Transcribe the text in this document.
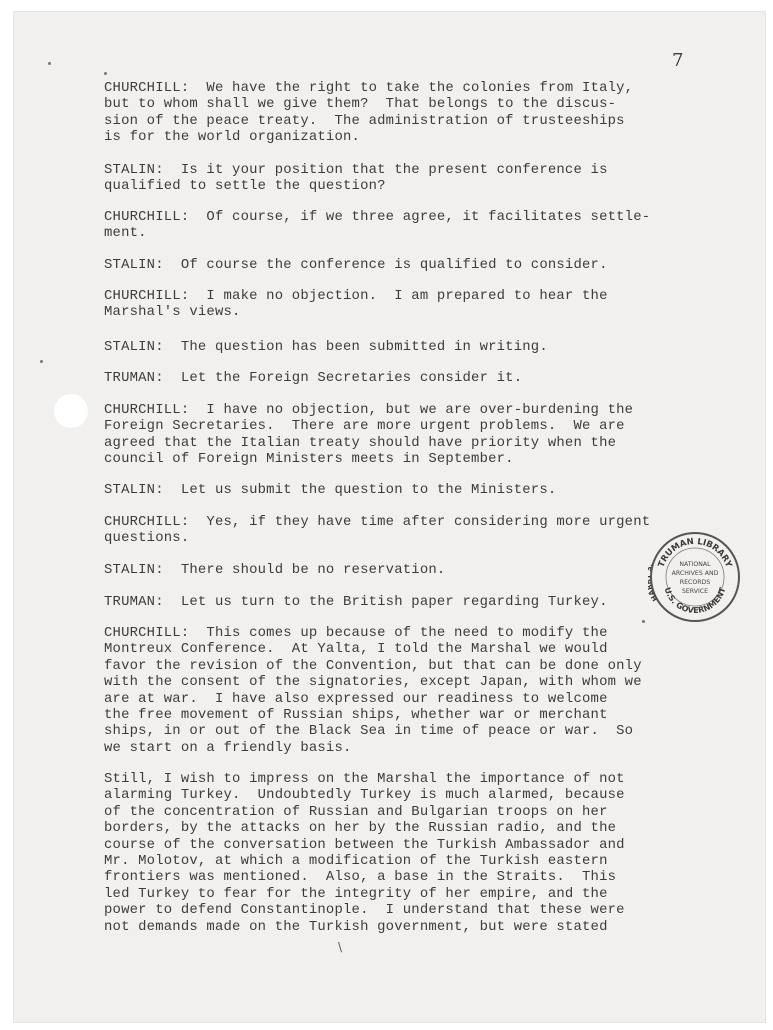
7

CHURCHILL:  We have the right to take the colonies from Italy,
but to whom shall we give them?  That belongs to the discus-
sion of the peace treaty.  The administration of trusteeships
is for the world organization.

STALIN:  Is it your position that the present conference is
qualified to settle the question?

CHURCHILL:  Of course, if we three agree, it facilitates settle-
ment.

STALIN:  Of course the conference is qualified to consider.

CHURCHILL:  I make no objection.  I am prepared to hear the
Marshal's views.

STALIN:  The question has been submitted in writing.

TRUMAN:  Let the Foreign Secretaries consider it.

CHURCHILL:  I have no objection, but we are over-burdening the
Foreign Secretaries.  There are more urgent problems.  We are
agreed that the Italian treaty should have priority when the
council of Foreign Ministers meets in September.

STALIN:  Let us submit the question to the Ministers.

CHURCHILL:  Yes, if they have time after considering more urgent
questions.

STALIN:  There should be no reservation.

TRUMAN:  Let us turn to the British paper regarding Turkey.

CHURCHILL:  This comes up because of the need to modify the
Montreux Conference.  At Yalta, I told the Marshal we would
favor the revision of the Convention, but that can be done only
with the consent of the signatories, except Japan, with whom we
are at war.  I have also expressed our readiness to welcome
the free movement of Russian ships, whether war or merchant
ships, in or out of the Black Sea in time of peace or war.  So
we start on a friendly basis.

Still, I wish to impress on the Marshal the importance of not
alarming Turkey.  Undoubtedly Turkey is much alarmed, because
of the concentration of Russian and Bulgarian troops on her
borders, by the attacks on her by the Russian radio, and the
course of the conversation between the Turkish Ambassador and
Mr. Molotov, at which a modification of the Turkish eastern
frontiers was mentioned.  Also, a base in the Straits.  This
led Turkey to fear for the integrity of her empire, and the
power to defend Constantinople.  I understand that these were
not demands made on the Turkish government, but were stated

TRUMAN LIBRARY
H
U.S. GOVERNMENT
NATIONAL
ARCHIVES AND
RECORDS
SERVICE
\
